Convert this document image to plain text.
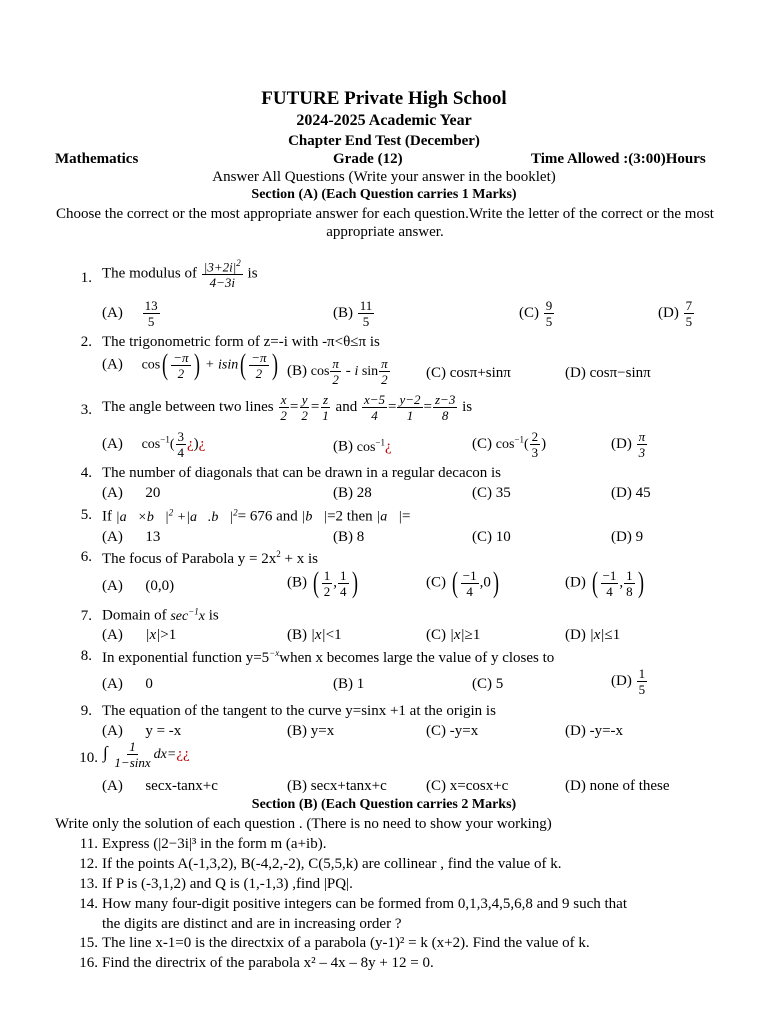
FUTURE Private High School
2024-2025 Academic Year
Chapter End Test (December)
Mathematics	Grade (12)	Time Allowed :(3:00)Hours
Answer All Questions (Write your answer in the booklet)
Section (A) (Each Question carries 1 Marks)
Choose the correct or the most appropriate answer for each question.Write the letter of the correct or the most appropriate answer.
1. The modulus of $\frac{|3+2i|^2}{4-3i}$ is
$(A) \frac{13}{5}$	$(B) \frac{11}{5}$	$(C) \frac{9}{5}$	$(D) \frac{7}{5}$
2. The trigonometric form of z=-i with -π<θ≤π is
(A) $\cos( \frac{-\pi}{2}$ ) + $isin( \frac{-\pi}{2}$ ) (B) $\cos \frac{\pi}{2}$ - i $\sin \frac{\pi}{2} (C)$ cosπ+sinπ	(D) cosπ−sinπ
3. The angle between two lines $\frac{x}{2} = \frac{y}{2} = \frac{z}{1}$ and $\frac{x-5}{4} = \frac{y-2}{1} = \frac{z-3}{8}$ is
(A) $\cos^{-1}( \frac{3}{4}$ ¿)¿	(B) $\cos^{-1}¿$	(C) $\cos^{-1}( \frac{2}{3}$ )	$(D) \frac{\pi}{3}$
4. The number of diagonals that can be drawn in a regular decacon is
(A)      20	(B) 28	(C) 35	(D) 45
5. If $|a⃗\times b⃗|^2$ $+|a⃗.b⃗|^2= 676$ and |b⃗|=2 then |a⃗|=
(A)      13	(B) 8	(C) 10	(D) 9
6. The focus of Parabola $y = 2x^2 + x$ is
(A)      (0,0)	(B) ( $\frac{1}{2}$ , $\frac{1}{4}$ )	(C) ( $\frac{-1}{4} ,0$)	(D) ( $\frac{-1}{4}$ , $\frac{1}{8}$ )
7. Domain of $\sec^{-1}x$ is
(A) |x|>1	(B) |x|<1	(C) |x|≥1	(D) |x|≤1
8. In exponential function $y=5^{-x}when$ x becomes large the value of y closes to
(A)      0	(B) 1	(C) 5	$(D) \frac{1}{5}$
9. The equation of the tangent to the curve y=sinx +1 at the origin is
(A)      y = -x	(B) y=x	(C) -y=x	(D) -y=-x
10. ∫ $\frac{1}{1-\sin x}$ dx=¿¿
(A)      secx-tanx+c	(B) secx+tanx+c	(C) x=cosx+c	(D) none of these
Section (B) (Each Question carries 2 Marks)
Write only the solution of each question . (There is no need to show your working)
11. Express (|2−3i|³ in the form m (a+ib).
12. If the points A(-1,3,2), B(-4,2,-2), C(5,5,k) are collinear , find the value of k.
13. If P is (-3,1,2) and Q is (1,-1,3) ,find |PQ|.
14. How many four-digit positive integers can be formed from 0,1,3,4,5,6,8 and 9 such that
the digits are distinct and are in increasing order ?
15. The line x-1=0 is the directxix of a parabola (y-1)² = k (x+2). Find the value of k.
16. Find the directrix of the parabola x² – 4x – 8y + 12 = 0.
